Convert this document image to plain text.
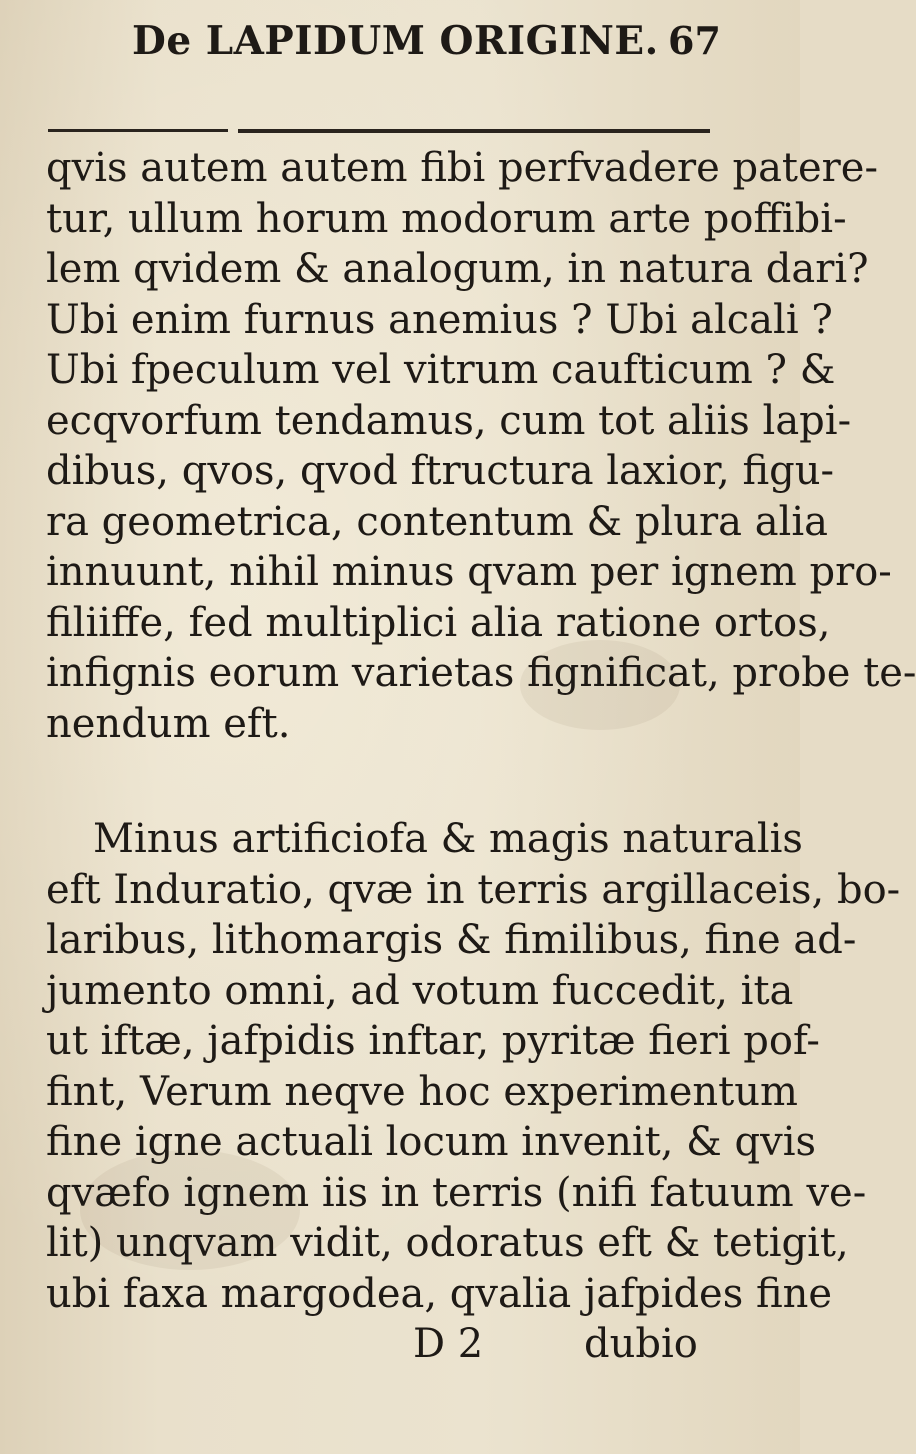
De LAPIDUM ORIGINE. 67
qvis autem autem fibi perfvadere patere-
tur, ullum horum modorum arte poffibi-
lem qvidem & analogum, in natura dari?
Ubi enim furnus anemius ? Ubi alcali ?
Ubi fpeculum vel vitrum caufticum ? &
ecqvorfum tendamus, cum tot aliis lapi-
dibus, qvos, qvod ftructura laxior, figu-
ra geometrica, contentum & plura alia
innuunt, nihil minus qvam per ignem pro-
filiiffe, fed multiplici alia ratione ortos,
infignis eorum varietas fignificat, probe te-
nendum eft.
Minus artificiofa & magis naturalis
eft Induratio, qvæ in terris argillaceis, bo-
laribus, lithomargis & fimilibus, fine ad-
jumento omni, ad votum fuccedit, ita
ut iftæ, jafpidis inftar, pyritæ fieri pof-
fint, Verum neqve hoc experimentum
fine igne actuali locum invenit, & qvis
qvæfo ignem iis in terris (nifi fatuum ve-
lit) unqvam vidit, odoratus eft & tetigit,
ubi faxa margodea, qvalia jafpides fine
D 2	dubio
